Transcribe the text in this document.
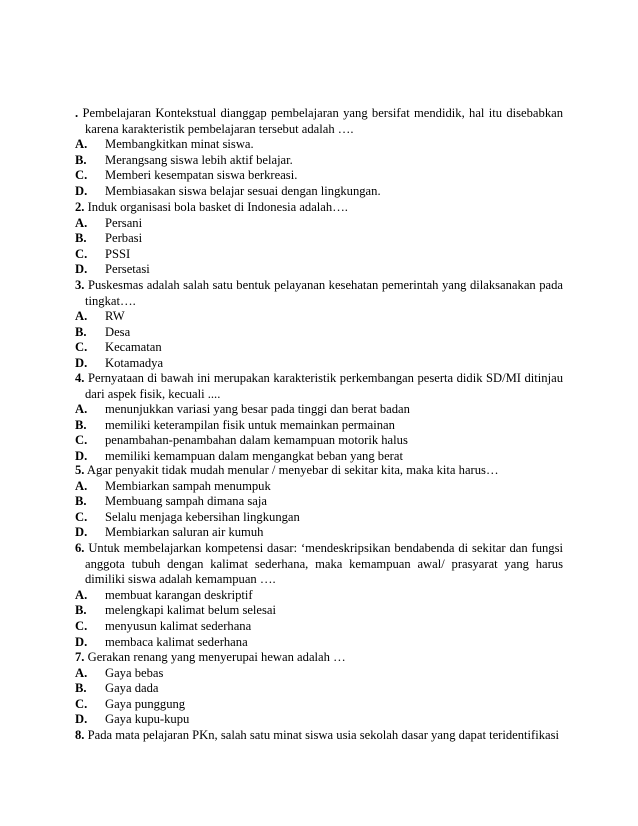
. Pembelajaran Kontekstual dianggap pembelajaran yang bersifat mendidik, hal itu disebabkan karena karakteristik pembelajaran tersebut adalah ….
A.	Membangkitkan minat siswa.
B.	Merangsang siswa lebih aktif belajar.
C.	Memberi kesempatan siswa berkreasi.
D.	Membiasakan siswa belajar sesuai dengan lingkungan.
2. Induk organisasi bola basket di Indonesia adalah….
A.	Persani
B.	Perbasi
C.	PSSI
D.	Persetasi
3. Puskesmas adalah salah satu bentuk pelayanan kesehatan pemerintah yang dilaksanakan pada tingkat….
A.	RW
B.	Desa
C.	Kecamatan
D.	Kotamadya
4. Pernyataan di bawah ini merupakan karakteristik perkembangan peserta didik SD/MI ditinjau dari aspek fisik, kecuali ....
A.	menunjukkan variasi yang besar pada tinggi dan berat badan
B.	memiliki keterampilan fisik untuk memainkan permainan
C.	penambahan-penambahan dalam kemampuan motorik halus
D.	memiliki kemampuan dalam mengangkat beban yang berat
5. Agar penyakit tidak mudah menular / menyebar di sekitar kita, maka kita harus…
A.	Membiarkan sampah menumpuk
B.	Membuang sampah dimana saja
C.	Selalu menjaga kebersihan lingkungan
D.	Membiarkan saluran air kumuh
6. Untuk membelajarkan kompetensi dasar: ‘mendeskripsikan bendabenda di sekitar dan fungsi anggota tubuh dengan kalimat sederhana, maka kemampuan awal/ prasyarat yang harus dimiliki siswa adalah kemampuan ….
A.	membuat karangan deskriptif
B.	melengkapi kalimat belum selesai
C.	menyusun kalimat sederhana
D.	membaca kalimat sederhana
7. Gerakan renang yang menyerupai hewan adalah …
A.	Gaya bebas
B.	Gaya dada
C.	Gaya punggung
D.	Gaya kupu-kupu
8. Pada mata pelajaran PKn, salah satu minat siswa usia sekolah dasar yang dapat teridentifikasi
